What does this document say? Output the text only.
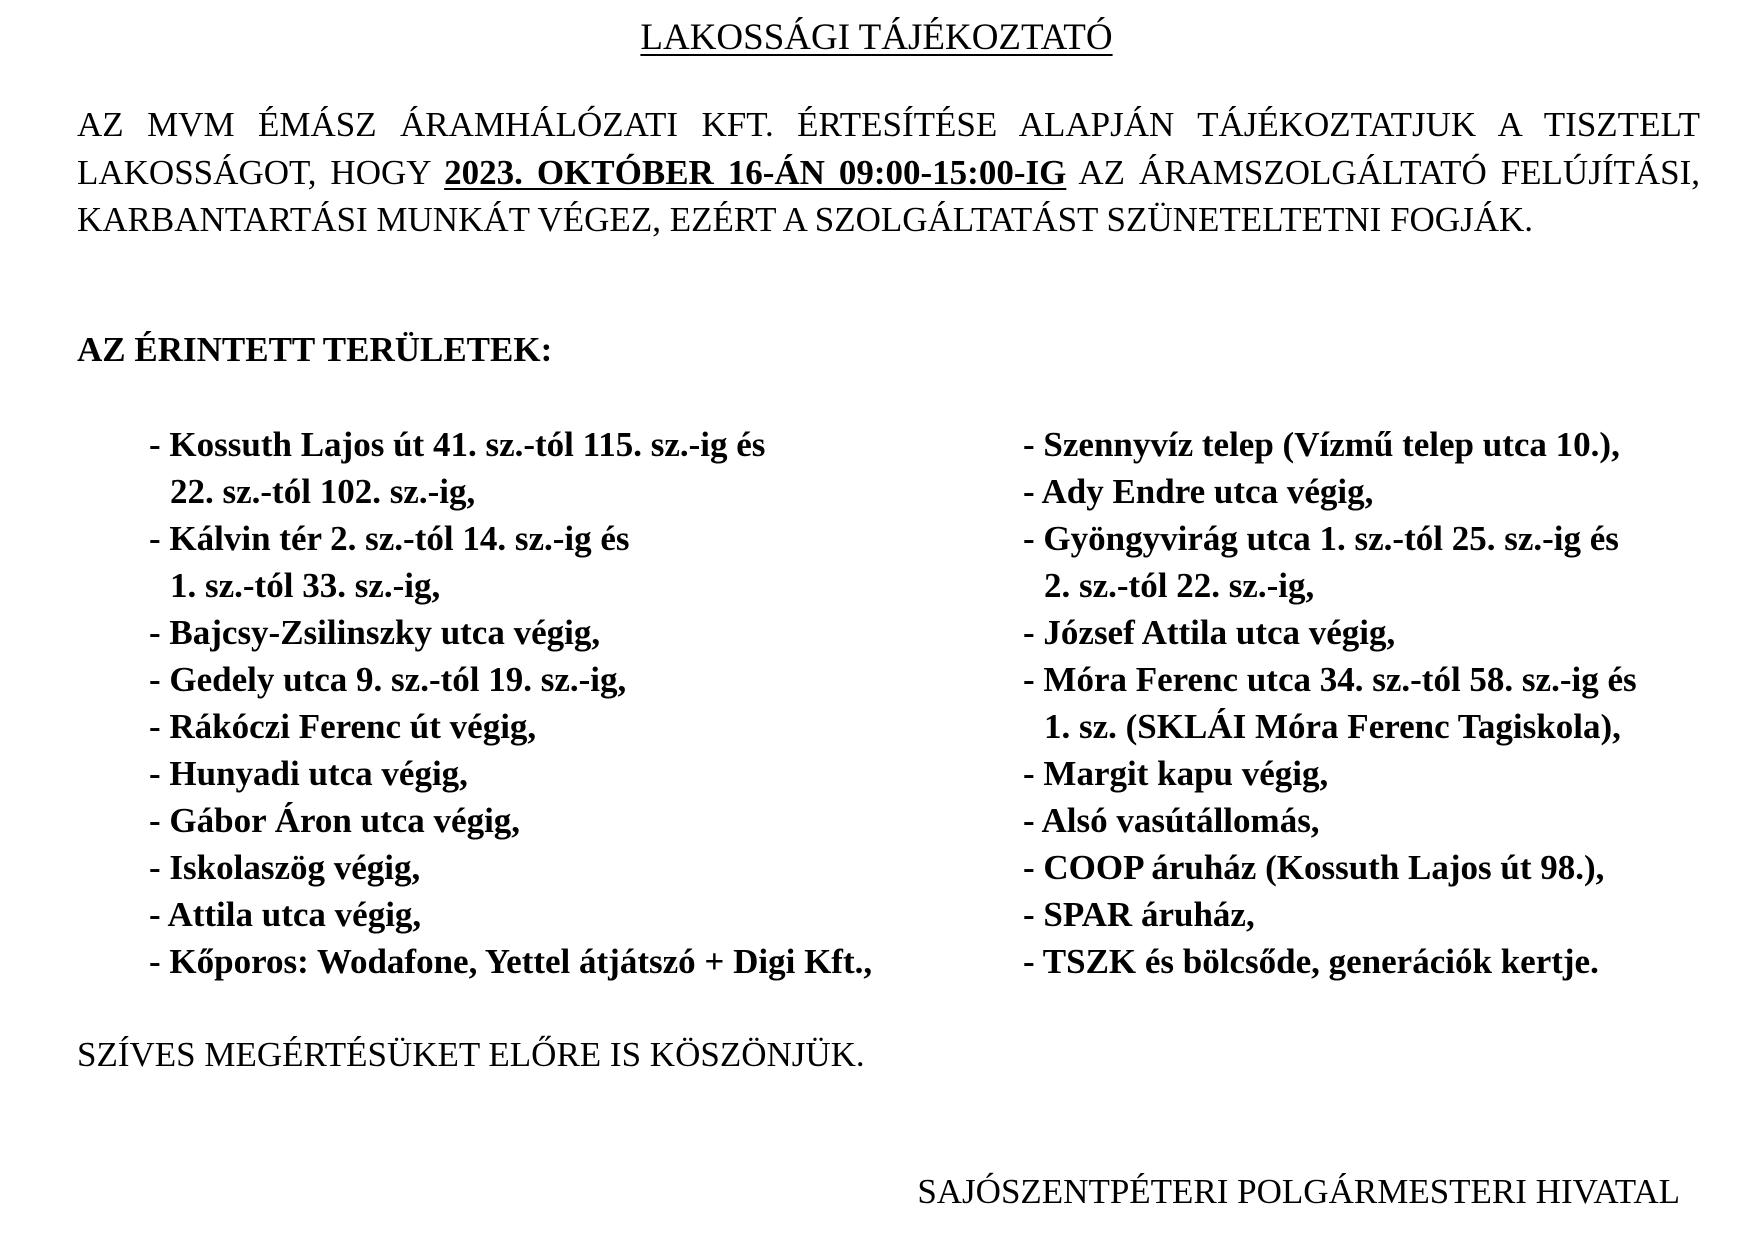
LAKOSSÁGI TÁJÉKOZTATÓ
AZ MVM ÉMÁSZ ÁRAMHÁLÓZATI KFT. ÉRTESÍTÉSE ALAPJÁN TÁJÉKOZTATJUK A TISZTELT LAKOSSÁGOT, HOGY 2023. OKTÓBER 16-ÁN 09:00-15:00-IG AZ ÁRAMSZOLGÁLTATÓ FELÚJÍTÁSI, KARBANTARTÁSI MUNKÁT VÉGEZ, EZÉRT A SZOLGÁLTATÁST SZÜNETELTETNI FOGJÁK.
AZ ÉRINTETT TERÜLETEK:
- Kossuth Lajos út 41. sz.-tól 115. sz.-ig és
22. sz.-tól 102. sz.-ig,
- Kálvin tér 2. sz.-tól 14. sz.-ig és
1. sz.-tól 33. sz.-ig,
- Bajcsy-Zsilinszky utca végig,
- Gedely utca 9. sz.-tól 19. sz.-ig,
- Rákóczi Ferenc út végig,
- Hunyadi utca végig,
- Gábor Áron utca végig,
- Iskolaszög végig,
- Attila utca végig,
- Kőporos: Wodafone, Yettel átjátszó + Digi Kft.,
- Szennyvíz telep (Vízmű telep utca 10.),
- Ady Endre utca végig,
- Gyöngyvirág utca 1. sz.-tól 25. sz.-ig és
2. sz.-tól 22. sz.-ig,
- József Attila utca végig,
- Móra Ferenc utca 34. sz.-tól 58. sz.-ig és
1. sz. (SKLÁI Móra Ferenc Tagiskola),
- Margit kapu végig,
- Alsó vasútállomás,
- COOP áruház (Kossuth Lajos út 98.),
- SPAR áruház,
- TSZK és bölcsőde, generációk kertje.
SZÍVES MEGÉRTÉSÜKET ELŐRE IS KÖSZÖNJÜK.
SAJÓSZENTPÉTERI POLGÁRMESTERI HIVATAL
